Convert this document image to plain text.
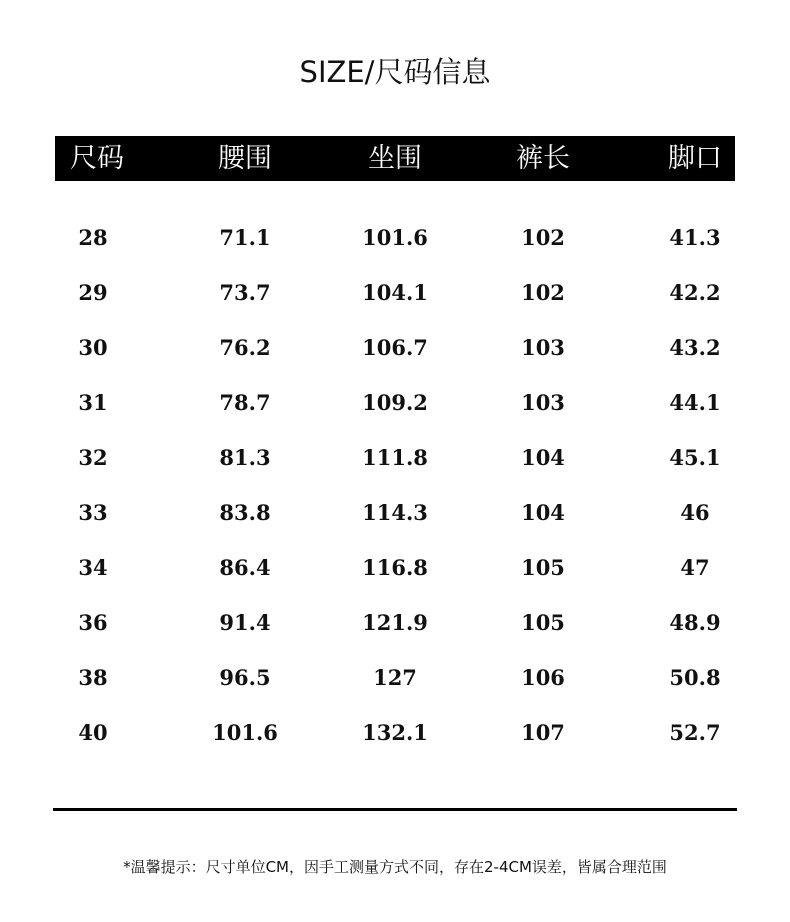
SIZE/尺码信息
尺码	腰围	坐围	裤长	脚口
28	71.1	101.6	102	41.3
29	73.7	104.1	102	42.2
30	76.2	106.7	103	43.2
31	78.7	109.2	103	44.1
32	81.3	111.8	104	45.1
33	83.8	114.3	104	46
34	86.4	116.8	105	47
36	91.4	121.9	105	48.9
38	96.5	127	106	50.8
40	101.6	132.1	107	52.7
*温馨提示：尺寸单位CM，因手工测量方式不同，存在2-4CM误差，皆属合理范围
